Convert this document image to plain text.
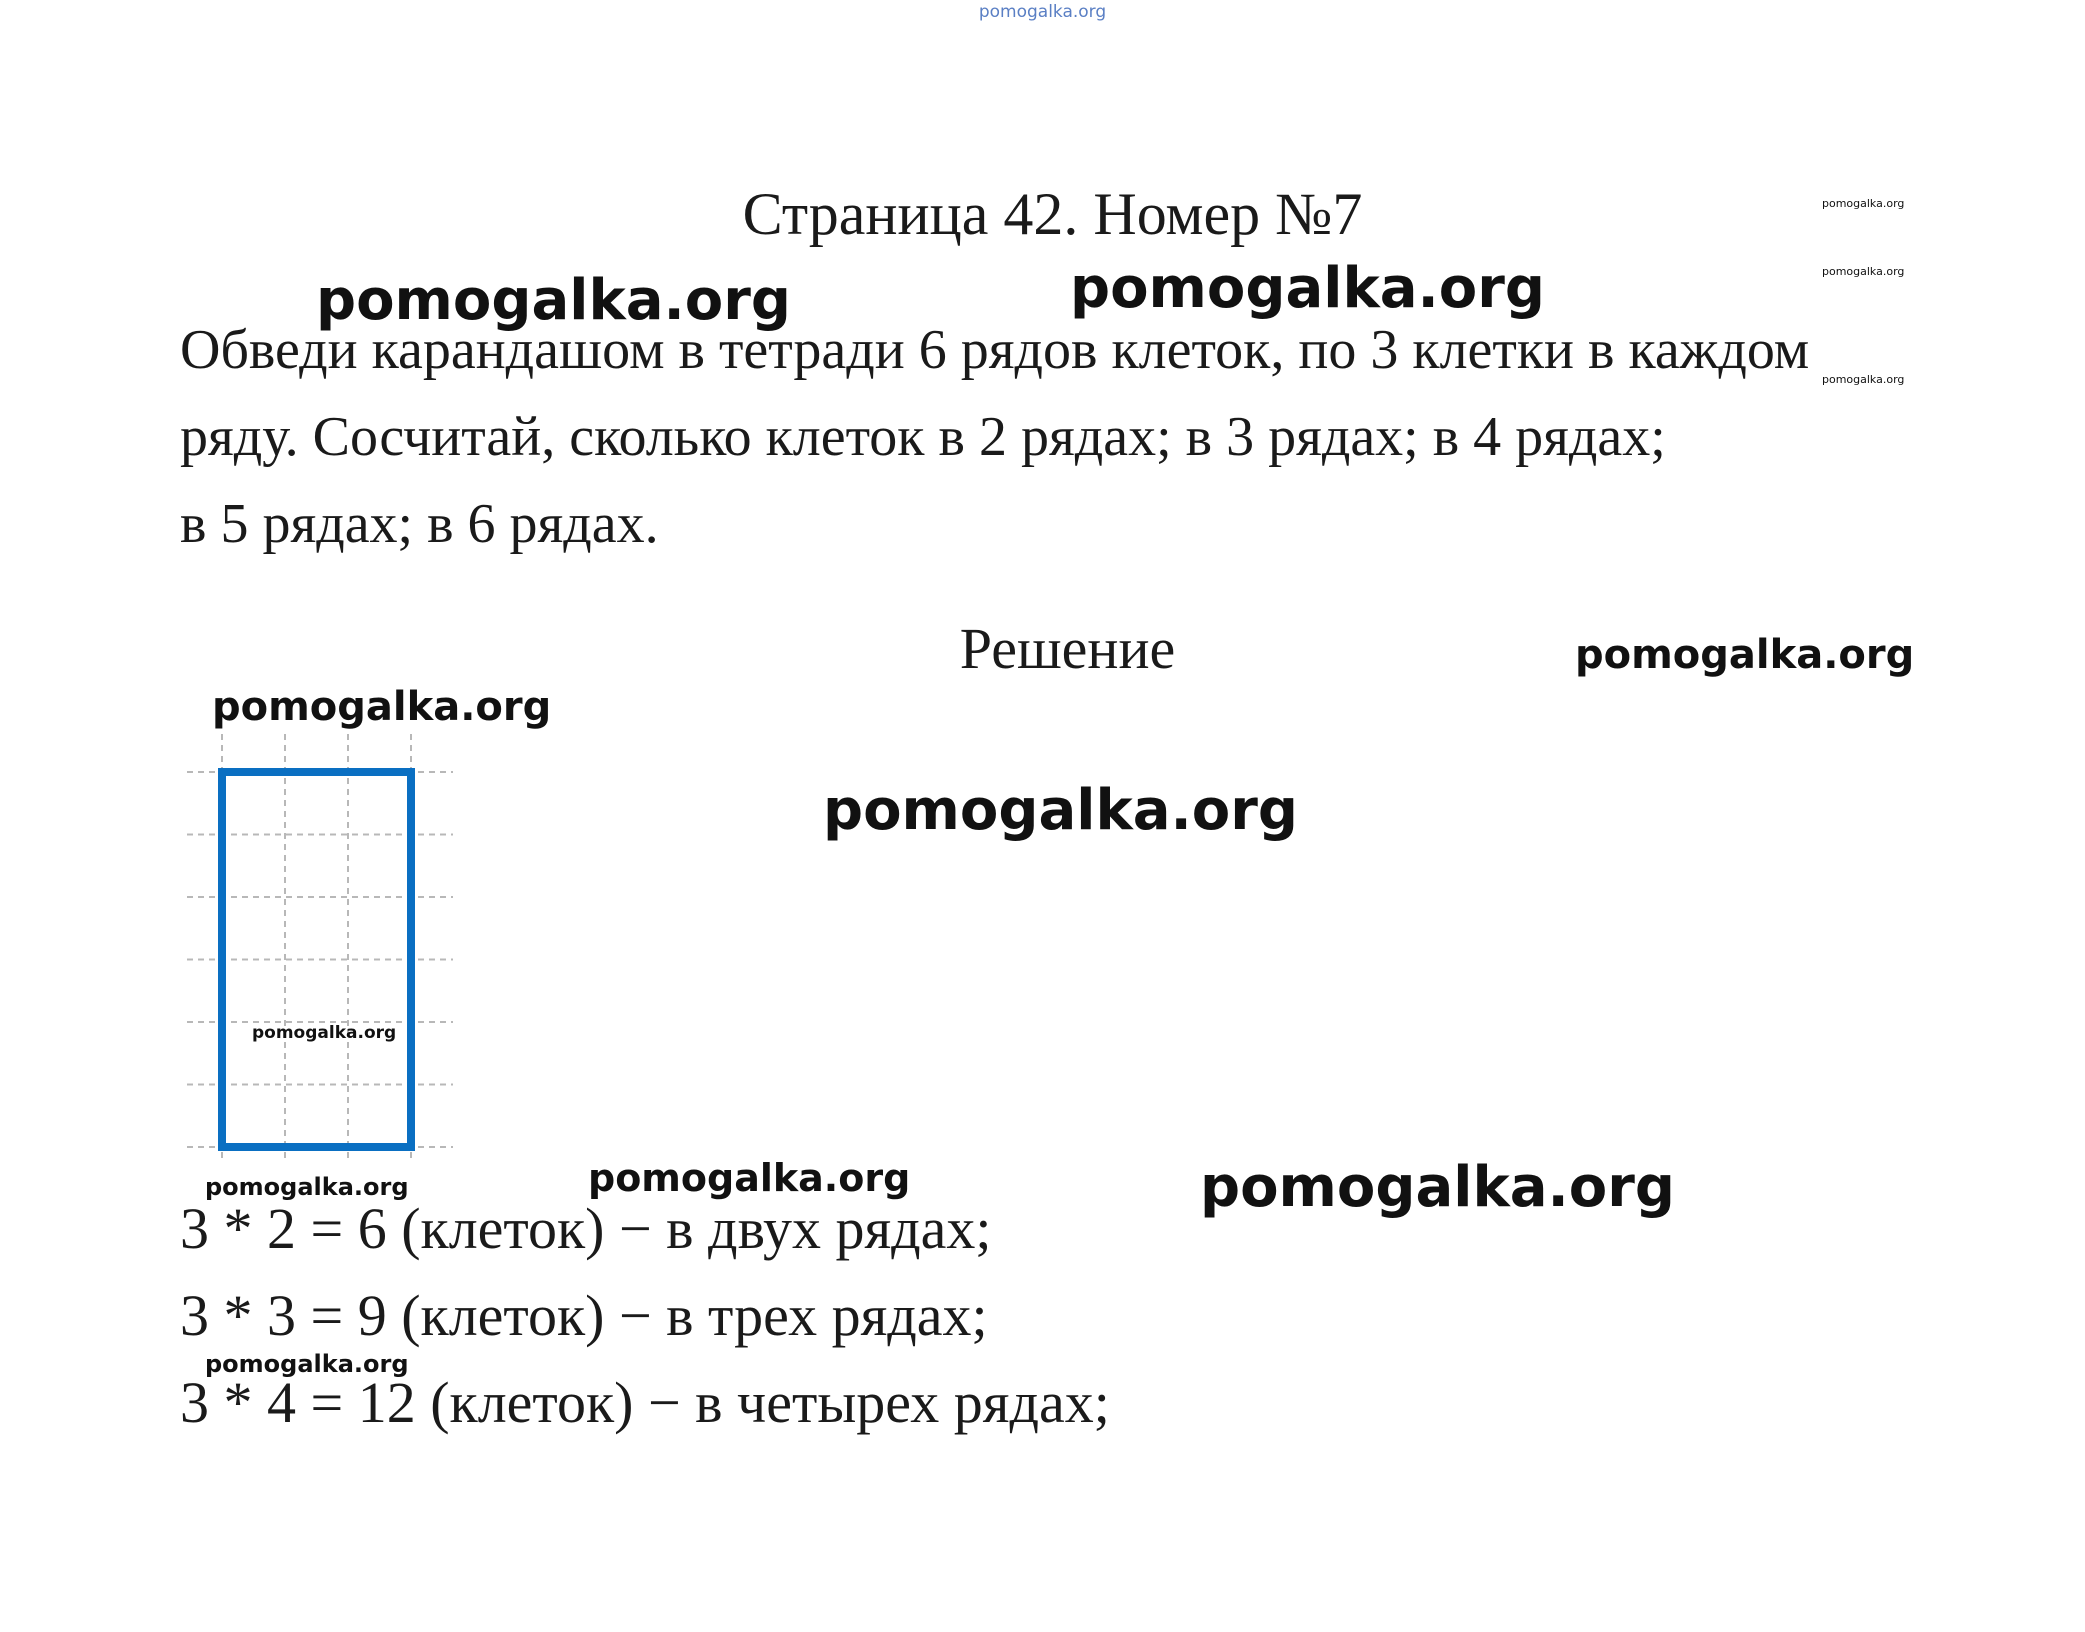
pomogalka.org
Страница 42. Номер №7
Обведи карандашом в тетради 6 рядов клеток, по 3 клетки в каждом
ряду. Сосчитай, сколько клеток в 2 рядах; в 3 рядах; в 4 рядах;
в 5 рядах; в 6 рядах.
Решение
3 * 2 = 6 (клеток) − в двух рядах;
3 * 3 = 9 (клеток) − в трех рядах;
3 * 4 = 12 (клеток) − в четырех рядах;
pomogalka.org
pomogalka.org
pomogalka.org
pomogalka.org	pomogalka.org
pomogalka.org
pomogalka.org
pomogalka.org
pomogalka.org
pomogalka.org	pomogalka.org	pomogalka.org
pomogalka.org
